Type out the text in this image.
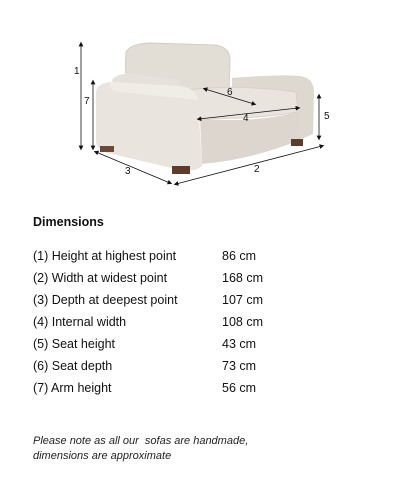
1
7
5
3	2
4
6
Dimensions
(1) Height at highest point	86 cm
(2) Width at widest point	168 cm
(3) Depth at deepest point	107 cm
(4) Internal width	108 cm
(5) Seat height	43 cm
(6) Seat depth	73 cm
(7) Arm height	56 cm
Please note as all our  sofas are handmade,
dimensions are approximate
